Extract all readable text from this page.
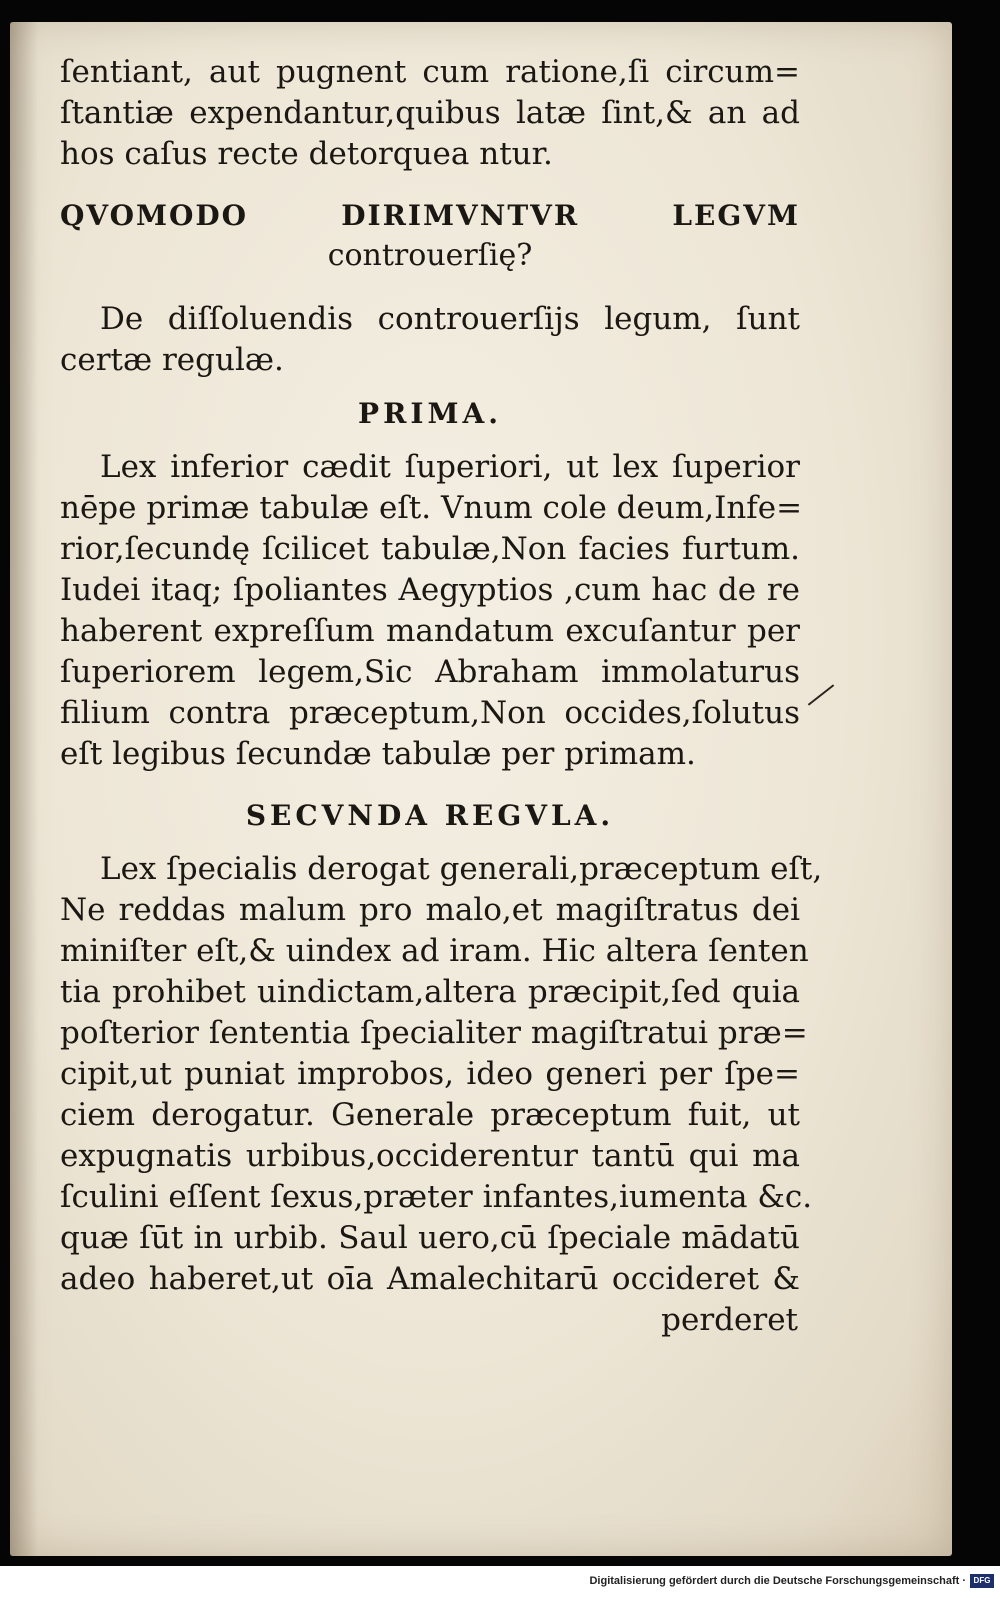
ſentiant, aut pugnent cum ratione,ſi circum=
ſtantiæ expendantur,quibus latæ ſint,& an ad
hos caſus recte detorquea ntur.
QVOMODO DIRIMVNTVR LEGVM
controuerſię?
De diſſoluendis controuerſijs legum, ſunt
certæ regulæ.
PRIMA.
Lex inferior cædit ſuperiori, ut lex ſuperior
nēpe primæ tabulæ eſt. Vnum cole deum,Infe=
rior,ſecundę ſcilicet tabulæ,Non facies furtum.
Iudei itaq; ſpoliantes Aegyptios ,cum hac de re
haberent expreſſum mandatum excuſantur per
ſuperiorem legem,Sic Abraham immolaturus
filium contra præceptum,Non occides,ſolutus
eſt legibus ſecundæ tabulæ per primam.
SECVNDA REGVLA.
Lex ſpecialis derogat generali,præceptum eſt,
Ne reddas malum pro malo,et magiſtratus dei
miniſter eſt,& uindex ad iram. Hic altera ſenten
tia prohibet uindictam,altera præcipit,ſed quia
poſterior ſententia ſpecialiter magiſtratui præ=
cipit,ut puniat improbos, ideo generi per ſpe=
ciem derogatur. Generale præceptum fuit, ut
expugnatis urbibus,occiderentur tantū qui ma
ſculini eſſent ſexus,præter infantes,iumenta &c.
quæ ſūt in urbib. Saul uero,cū ſpeciale mādatū
adeo haberet,ut oīa Amalechitarū occideret &
perderet
Digitalisierung gefördert durch die Deutsche Forschungsgemeinschaft · DFG
